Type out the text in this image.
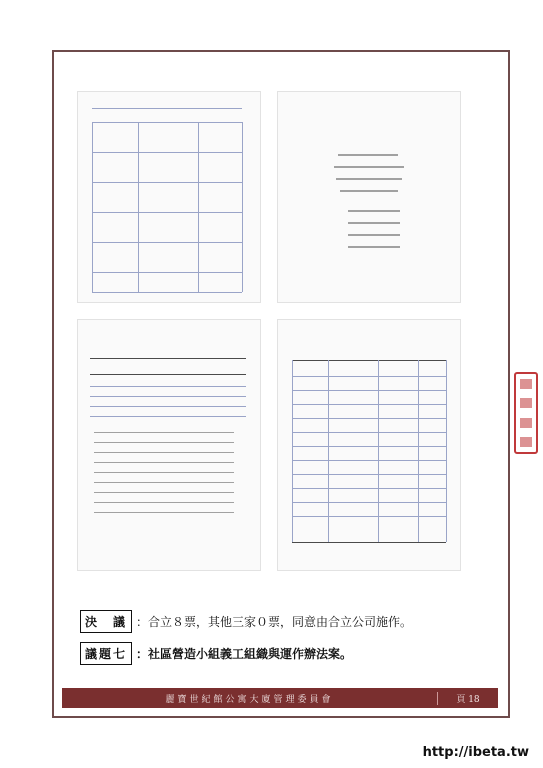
決　議 ：合立８票，其他三家０票，同意由合立公司施作。
議題七 ：社區營造小組義工組織與運作辦法案。
麗寶世紀館公寓大廈管理委員會	頁 18
http://ibeta.tw
